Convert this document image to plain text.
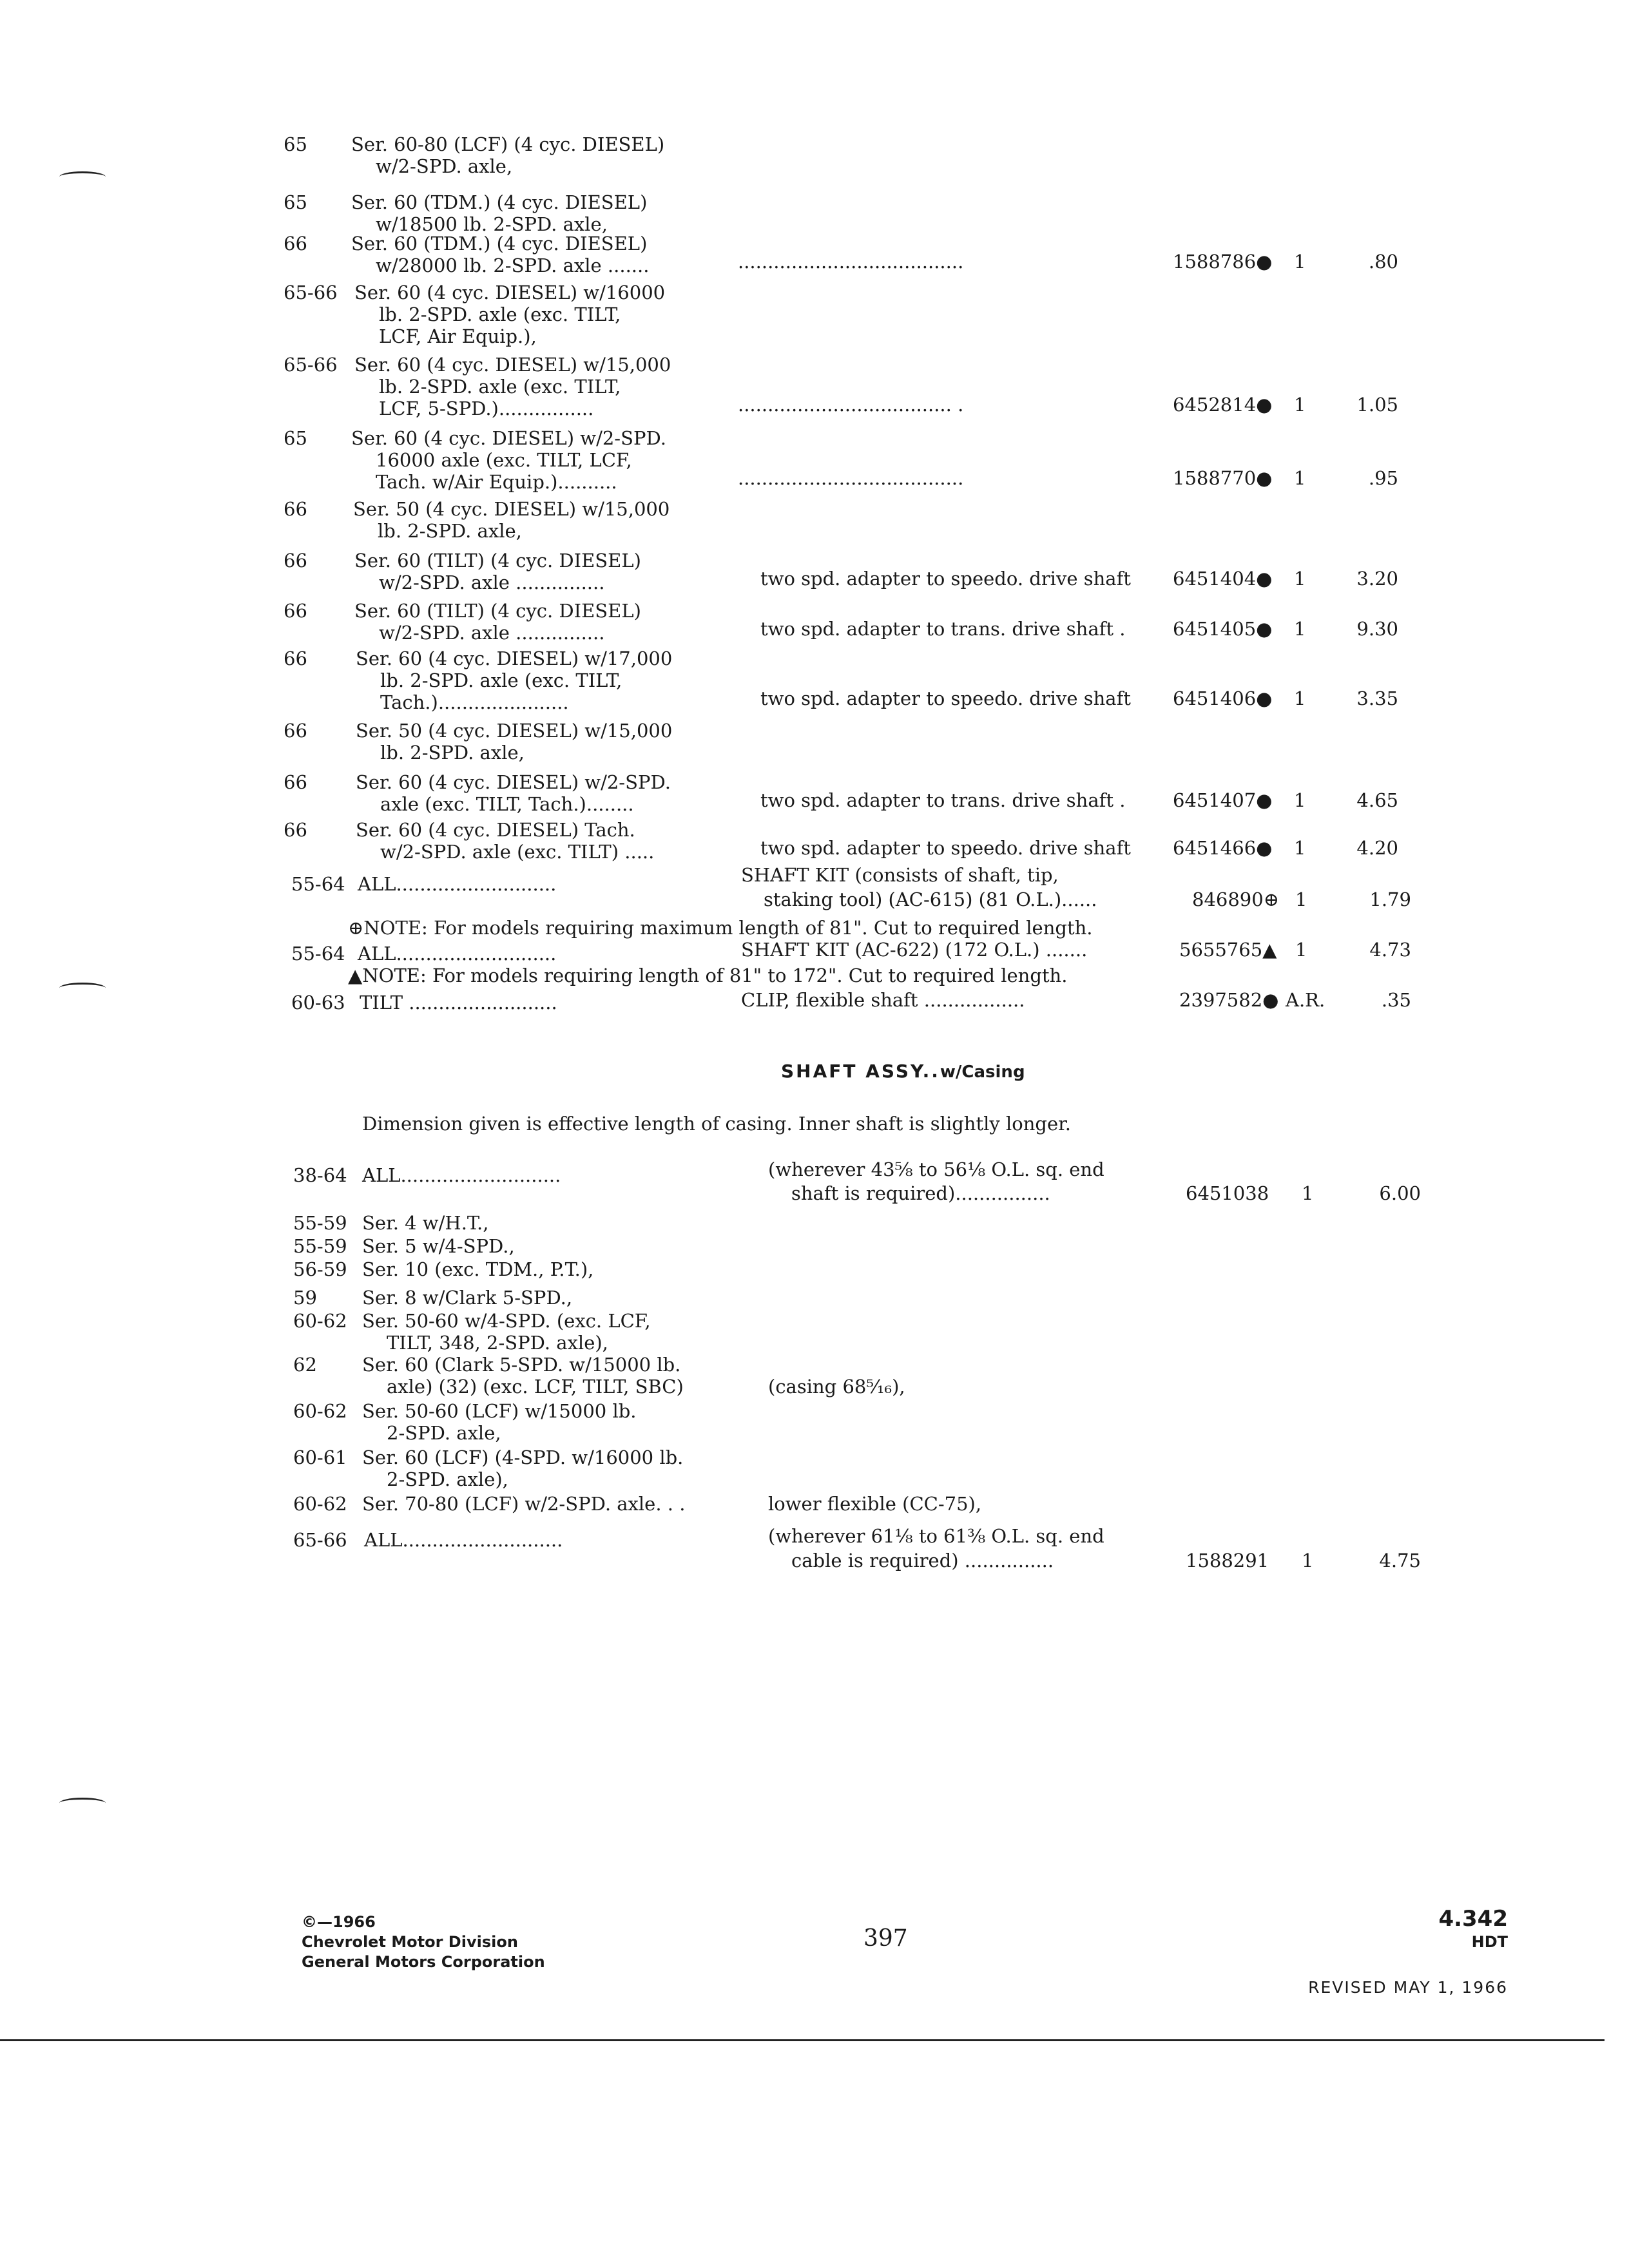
65 Ser. 60-80 (LCF) (4 cyc. DIESEL)
w/2-SPD. axle,
65 Ser. 60 (TDM.) (4 cyc. DIESEL)
w/18500 lb. 2-SPD. axle,
66 Ser. 60 (TDM.) (4 cyc. DIESEL)
w/28000 lb. 2-SPD. axle .......	......................................	1588786● 1	.80
65-66 Ser. 60 (4 cyc. DIESEL) w/16000
lb. 2-SPD. axle (exc. TILT,
LCF, Air Equip.),
65-66 Ser. 60 (4 cyc. DIESEL) w/15,000
lb. 2-SPD. axle (exc. TILT,
LCF, 5-SPD.)................	.................................... .	6452814● 1	1.05
65 Ser. 60 (4 cyc. DIESEL) w/2-SPD.
16000 axle (exc. TILT, LCF,
Tach. w/Air Equip.)..........	......................................	1588770● 1	.95
66 Ser. 50 (4 cyc. DIESEL) w/15,000
lb. 2-SPD. axle,
66	Ser. 60 (TILT) (4 cyc. DIESEL)
w/2-SPD. axle ...............	two spd. adapter to speedo. drive shaft 6451404● 1	3.20
66	Ser. 60 (TILT) (4 cyc. DIESEL)
w/2-SPD. axle ...............	two spd. adapter to trans. drive shaft .	6451405● 1	9.30
66	Ser. 60 (4 cyc. DIESEL) w/17,000
lb. 2-SPD. axle (exc. TILT,
Tach.)......................	two spd. adapter to speedo. drive shaft 6451406● 1	3.35
66	Ser. 50 (4 cyc. DIESEL) w/15,000
lb. 2-SPD. axle,
66	Ser. 60 (4 cyc. DIESEL) w/2-SPD.
axle (exc. TILT, Tach.)........	two spd. adapter to trans. drive shaft .	6451407● 1	4.65
66	Ser. 60 (4 cyc. DIESEL) Tach.
w/2-SPD. axle (exc. TILT) .....	two spd. adapter to speedo. drive shaft 6451466● 1	4.20
55-64 ALL...........................	SHAFT KIT (consists of shaft, tip,
staking tool) (AC-615) (81 O.L.)......	846890⊕ 1	1.79
⊕NOTE: For models requiring maximum length of 81". Cut to required length.
55-64 ALL...........................	SHAFT KIT (AC-622) (172 O.L.) .......	5655765▲ 1	4.73
▲NOTE: For models requiring length of 81" to 172". Cut to required length.
60-63 TILT .........................	CLIP, flexible shaft .................	2397582● A.R.	.35
SHAFT ASSY..w/Casing
Dimension given is effective length of casing. Inner shaft is slightly longer.
38-64 ALL...........................	(wherever 43⅝ to 56⅛ O.L. sq. end
shaft is required)................	6451038 1	6.00
55-59 Ser. 4 w/H.T.,
55-59 Ser. 5 w/4-SPD.,
56-59 Ser. 10 (exc. TDM., P.T.),
59 Ser. 8 w/Clark 5-SPD.,
60-62 Ser. 50-60 w/4-SPD. (exc. LCF,
TILT, 348, 2-SPD. axle),
62 Ser. 60 (Clark 5-SPD. w/15000 lb.
axle) (32) (exc. LCF, TILT, SBC)	(casing 68⁵⁄₁₆),
60-62 Ser. 50-60 (LCF) w/15000 lb.
2-SPD. axle,
60-61 Ser. 60 (LCF) (4-SPD. w/16000 lb.
2-SPD. axle),
60-62 Ser. 70-80 (LCF) w/2-SPD. axle. . .	lower flexible (CC-75),
65-66 ALL...........................	(wherever 61⅛ to 61⅜ O.L. sq. end
cable is required) ...............	1588291 1	4.75
©—1966
Chevrolet Motor Division
General Motors Corporation
397
4.342
HDT
REVISED MAY 1, 1966
